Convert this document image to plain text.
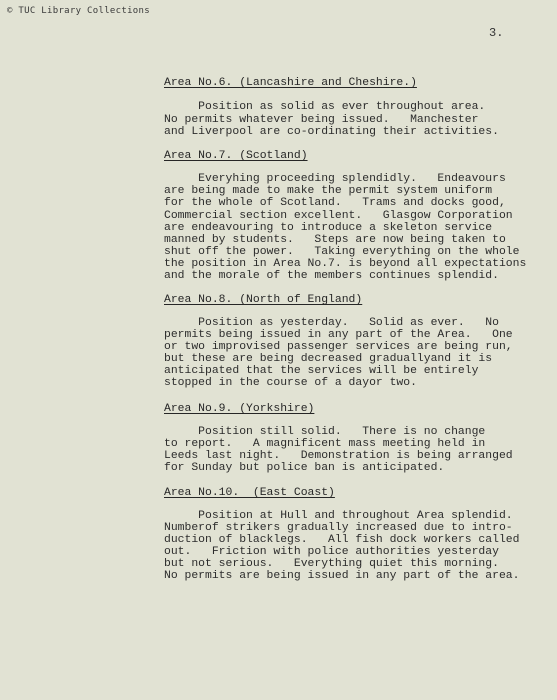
© TUC Library Collections
3.
Area No.6. (Lancashire and Cheshire.)
Position as solid as ever throughout area.
No permits whatever being issued.   Manchester
and Liverpool are co-ordinating their activities.
Area No.7. (Scotland)
Everyhing proceeding splendidly.   Endeavours
are being made to make the permit system uniform
for the whole of Scotland.   Trams and docks good,
Commercial section excellent.   Glasgow Corporation
are endeavouring to introduce a skeleton service
manned by students.   Steps are now being taken to
shut off the power.   Taking everything on the whole
the position in Area No.7. is beyond all expectations
and the morale of the members continues splendid.
Area No.8. (North of England)
Position as yesterday.   Solid as ever.   No
permits being issued in any part of the Area.   One
or two improvised passenger services are being run,
but these are being decreased graduallyand it is
anticipated that the services will be entirely
stopped in the course of a dayor two.
Area No.9. (Yorkshire)
Position still solid.   There is no change
to report.   A magnificent mass meeting held in
Leeds last night.   Demonstration is being arranged
for Sunday but police ban is anticipated.
Area No.10.  (East Coast)
Position at Hull and throughout Area splendid.
Numberof strikers gradually increased due to intro-
duction of blacklegs.   All fish dock workers called
out.   Friction with police authorities yesterday
but not serious.   Everything quiet this morning.
No permits are being issued in any part of the area.
